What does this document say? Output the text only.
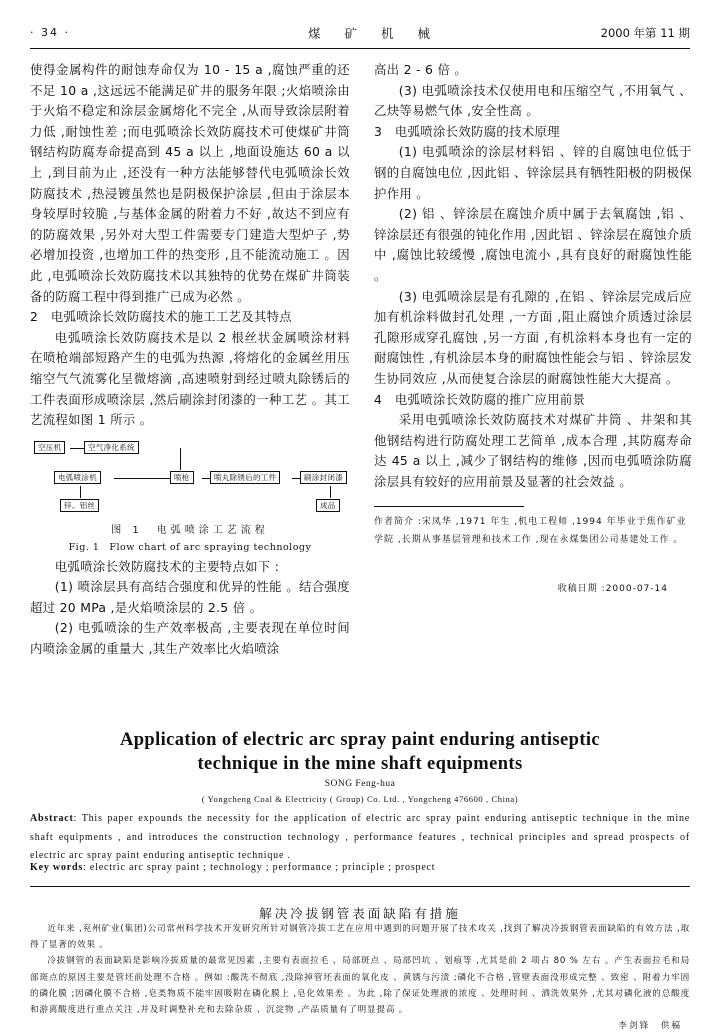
· 34 ·	煤矿机械	2000 年第 11 期

使得金属构件的耐蚀寿命仅为 10 - 15 a ,腐蚀严重的还不足 10 a ,这远远不能满足矿井的服务年限 ;火焰喷涂由于火焰不稳定和涂层金属熔化不完全 ,从而导致涂层附着力低 ,耐蚀性差 ;而电弧喷涂长效防腐技术可使煤矿井筒钢结构防腐寿命提高到 45 a 以上 ,地面设施达 60 a 以上 ,到目前为止 ,还没有一种方法能够替代电弧喷涂长效防腐技术 ,热浸镀虽然也是阴极保护涂层 ,但由于涂层本身较厚时较脆 ,与基体金属的附着力不好 ,故达不到应有的防腐效果 ,另外对大型工件需要专门建造大型炉子 ,势必增加投资 ,也增加工件的热变形 ,且不能流动施工 。因此 ,电弧喷涂长效防腐技术以其独特的优势在煤矿井筒装备的防腐工程中得到推广已成为必然 。

2　电弧喷涂长效防腐技术的施工工艺及其特点

电弧喷涂长效防腐技术是以 2 根丝状金属喷涂材料在喷枪端部短路产生的电弧为热源 ,将熔化的金属丝用压缩空气气流雾化呈微熔滴 ,高速喷射到经过喷丸除锈后的工件表面形成喷涂层 ,然后刷涂封闭漆的一种工艺 。其工艺流程如图 1 所示 。

空压机	空气净化系统
电弧喷涂机	喷枪	喷丸除锈后的工件	刷涂封闭漆
锌、铝丝	成品
图 1　电弧喷涂工艺流程
Fig. 1　Flow chart of arc spraying technology

电弧喷涂长效防腐技术的主要特点如下 :

(1) 喷涂层具有高结合强度和优异的性能 。结合强度超过 20 MPa ,是火焰喷涂层的 2.5 倍 。

(2) 电弧喷涂的生产效率极高 ,主要表现在单位时间内喷涂金属的重量大 ,其生产效率比火焰喷涂

高出 2 - 6 倍 。

(3) 电弧喷涂技术仅使用电和压缩空气 ,不用氧气 、乙炔等易燃气体 ,安全性高 。

3　电弧喷涂长效防腐的技术原理

(1) 电弧喷涂的涂层材料铝 、锌的自腐蚀电位低于钢的自腐蚀电位 ,因此铝 、锌涂层具有牺牲阳极的阴极保护作用 。

(2) 铝 、锌涂层在腐蚀介质中属于去氧腐蚀 ,铝 、锌涂层还有很强的钝化作用 ,因此铝 、锌涂层在腐蚀介质中 ,腐蚀比较缓慢 ,腐蚀电流小 ,具有良好的耐腐蚀性能 。

(3) 电弧喷涂层是有孔隙的 ,在铝 、锌涂层完成后应加有机涂料做封孔处理 ,一方面 ,阻止腐蚀介质透过涂层孔隙形成穿孔腐蚀 ,另一方面 ,有机涂料本身也有一定的耐腐蚀性 ,有机涂层本身的耐腐蚀性能会与铝 、锌涂层发生协同效应 ,从而使复合涂层的耐腐蚀性能大大提高 。

4　电弧喷涂长效防腐的推广应用前景

采用电弧喷涂长效防腐技术对煤矿井筒 、井架和其他钢结构进行防腐处理工艺简单 ,成本合理 ,其防腐寿命达 45 a 以上 ,减少了钢结构的维修 ,因而电弧喷涂防腐涂层具有较好的应用前景及显著的社会效益 。

作者简介 :宋凤华 ,1971 年生 ,机电工程师 ,1994 年毕业于焦作矿业学院 ,长期从事基层管理和技术工作 ,现在永煤集团公司基建处工作 。
收稿日期 :2000-07-14
Application of electric arc spray paint enduring antiseptic
technique in the mine shaft equipments
SONG Feng-hua
( Yongcheng Coal & Electricity ( Group) Co. Ltd. , Yongcheng 476600 , China)
Abstract: This paper expounds the necessity for the application of electric arc spray paint enduring antiseptic technique in the mine shaft equipments , and introduces the construction technology , performance features , technical principles and spread prospects of electric arc spray paint enduring antiseptic technique .
Key words: electric arc spray paint ; technology ; performance ; principle ; prospect
解决冷拔钢管表面缺陷有措施

近年来 ,兖州矿业(集团)公司常州科学技术开发研究所针对钢管冷拔工艺在应用中遇到的问题开展了技术攻关 ,找到了解决冷拔钢管表面缺陷的有效方法 ,取得了显著的效果 。

冷拔钢管的表面缺陷是影响冷拔质量的最常见因素 ,主要有表面拉毛 、局部斑点 、局部凹坑 、划痕等 ,尤其是前 2 项占 80 % 左右 。产生表面拉毛和局部斑点的原因主要是管坯前处理不合格 。例如 :酸洗不彻底 ,没除掉管坯表面的氧化皮 、黄锈与污渍 ;磷化不合格 ,管壁表面没形成完整 、致密 、附着力牢固的磷化膜 ;因磷化膜不合格 ,皂类物质不能牢固吸附在磷化膜上 ,皂化效果差 。为此 ,除了保证处理液的浓度 、处理时间 、酒洗效果外 ,尤其对磷化液的总酸度和游离酸度进行重点关注 ,并及时调整补充和去除杂质 、沉淀物 ,产品质量有了明显提高 。

李剑锋　供稿
